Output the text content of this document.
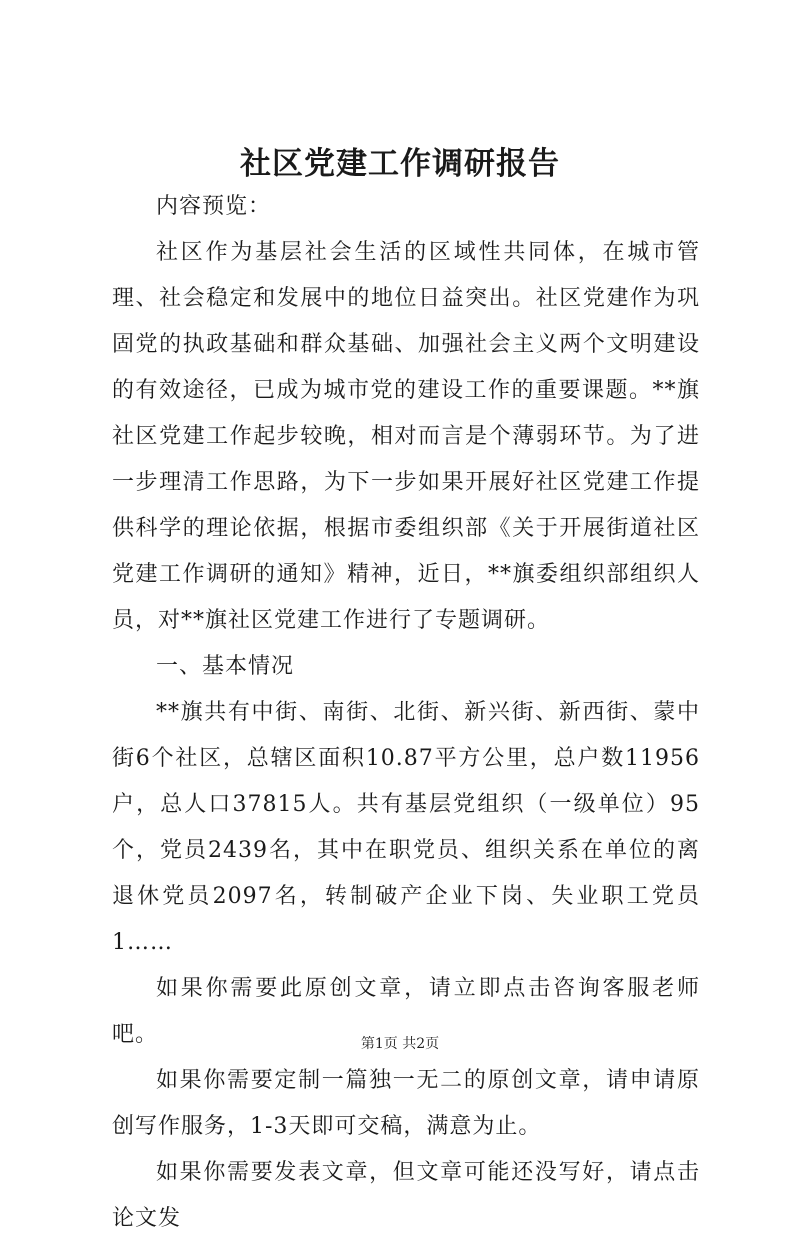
社区党建工作调研报告

内容预览：

社区作为基层社会生活的区域性共同体，在城市管理、社会稳定和发展中的地位日益突出。社区党建作为巩固党的执政基础和群众基础、加强社会主义两个文明建设的有效途径，已成为城市党的建设工作的重要课题。**旗社区党建工作起步较晚，相对而言是个薄弱环节。为了进一步理清工作思路，为下一步如果开展好社区党建工作提供科学的理论依据，根据市委组织部《关于开展街道社区党建工作调研的通知》精神，近日，**旗委组织部组织人员，对**旗社区党建工作进行了专题调研。

一、基本情况

**旗共有中街、南街、北街、新兴街、新西街、蒙中街6个社区，总辖区面积10.87平方公里，总户数11956户，总人口37815人。共有基层党组织（一级单位）95个，党员2439名，其中在职党员、组织关系在单位的离退休党员2097名，转制破产企业下岗、失业职工党员1……

如果你需要此原创文章，请立即点击咨询客服老师吧。

如果你需要定制一篇独一无二的原创文章，请申请原创写作服务，1-3天即可交稿，满意为止。

如果你需要发表文章，但文章可能还没写好，请点击论文发

第1页 共2页
